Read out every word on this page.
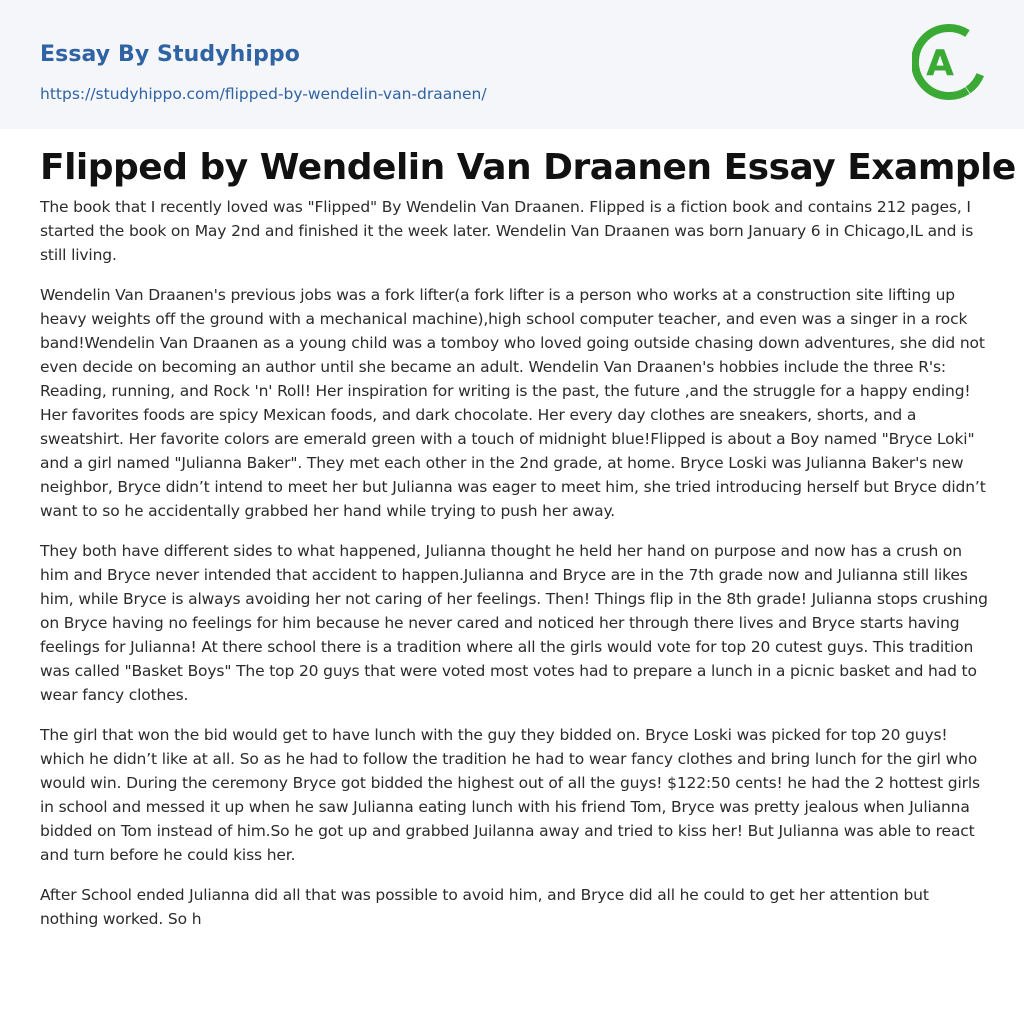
Essay By Studyhippo
https://studyhippo.com/flipped-by-wendelin-van-draanen/
A
Flipped by Wendelin Van Draanen Essay Example

The book that I recently loved was "Flipped" By Wendelin Van Draanen. Flipped is a fiction book and contains 212 pages, I started the book on May 2nd and finished it the week later. Wendelin Van Draanen was born January 6 in Chicago,IL and is still living.

Wendelin Van Draanen's previous jobs was a fork lifter(a fork lifter is a person who works at a construction site lifting up heavy weights off the ground with a mechanical machine),high school computer teacher, and even was a singer in a rock band!Wendelin Van Draanen as a young child was a tomboy who loved going outside chasing down adventures, she did not even decide on becoming an author until she became an adult. Wendelin Van Draanen's hobbies include the three R's: Reading, running, and Rock 'n' Roll! Her inspiration for writing is the past, the future ,and the struggle for a happy ending! Her favorites foods are spicy Mexican foods, and dark chocolate. Her every day clothes are sneakers, shorts, and a sweatshirt. Her favorite colors are emerald green with a touch of midnight blue!Flipped is about a Boy named "Bryce Loki" and a girl named "Julianna Baker". They met each other in the 2nd grade, at home. Bryce Loski was Julianna Baker's new neighbor, Bryce didn’t intend to meet her but Julianna was eager to meet him, she tried introducing herself but Bryce didn’t want to so he accidentally grabbed her hand while trying to push her away.

They both have different sides to what happened, Julianna thought he held her hand on purpose and now has a crush on him and Bryce never intended that accident to happen.Julianna and Bryce are in the 7th grade now and Julianna still likes him, while Bryce is always avoiding her not caring of her feelings. Then! Things flip in the 8th grade! Julianna stops crushing on Bryce having no feelings for him because he never cared and noticed her through there lives and Bryce starts having feelings for Julianna! At there school there is a tradition where all the girls would vote for top 20 cutest guys. This tradition was called "Basket Boys" The top 20 guys that were voted most votes had to prepare a lunch in a picnic basket and had to wear fancy clothes.

The girl that won the bid would get to have lunch with the guy they bidded on. Bryce Loski was picked for top 20 guys! which he didn’t like at all. So as he had to follow the tradition he had to wear fancy clothes and bring lunch for the girl who would win. During the ceremony Bryce got bidded the highest out of all the guys! $122:50 cents! he had the 2 hottest girls in school and messed it up when he saw Julianna eating lunch with his friend Tom, Bryce was pretty jealous when Julianna bidded on Tom instead of him.So he got up and grabbed Juilanna away and tried to kiss her! But Julianna was able to react and turn before he could kiss her.

After School ended Julianna did all that was possible to avoid him, and Bryce did all he could to get her attention but nothing worked. So h
